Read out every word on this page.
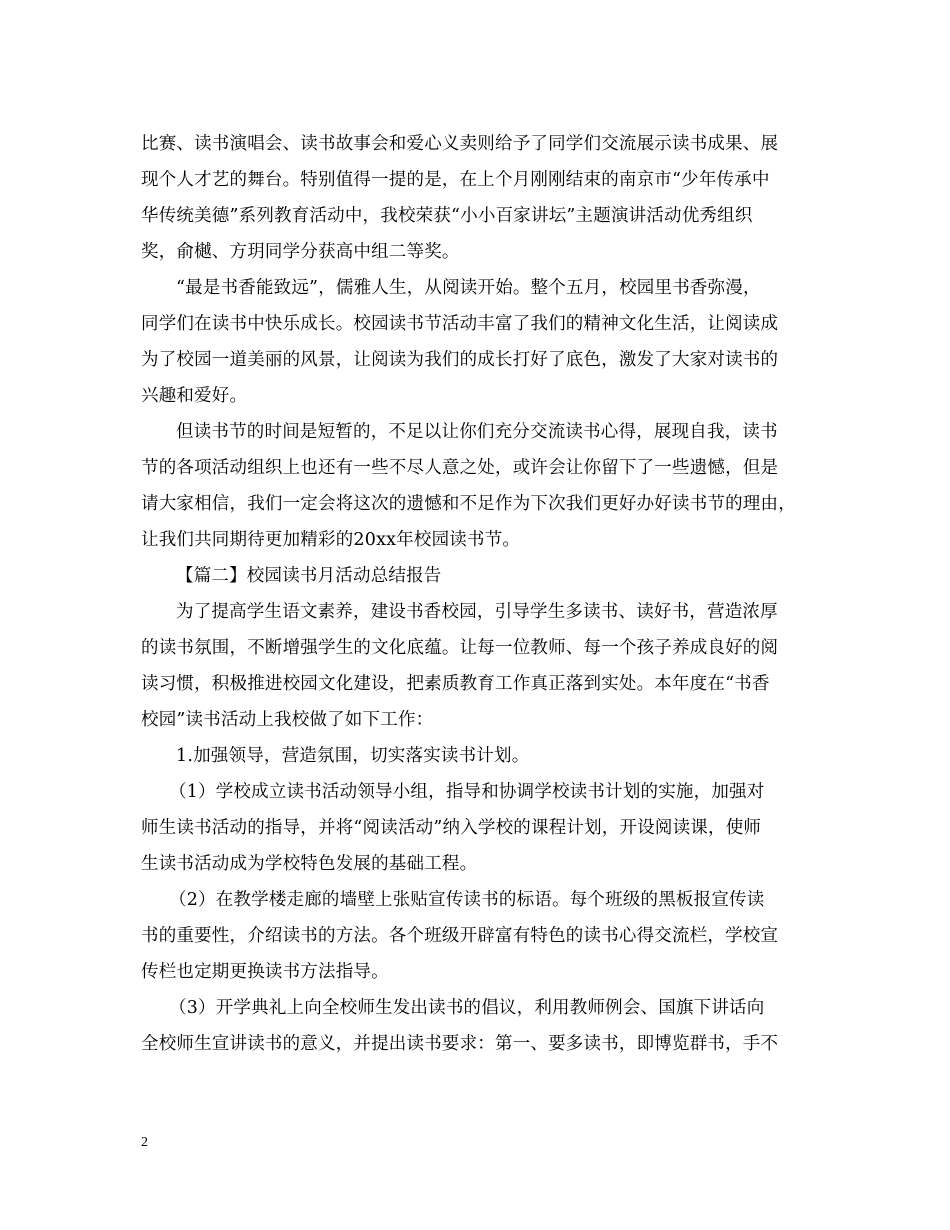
比赛、读书演唱会、读书故事会和爱心义卖则给予了同学们交流展示读书成果、展
现个人才艺的舞台。特别值得一提的是，在上个月刚刚结束的南京市“少年传承中
华传统美德”系列教育活动中，我校荣获“小小百家讲坛”主题演讲活动优秀组织
奖，俞樾、方玥同学分获高中组二等奖。
“最是书香能致远”，儒雅人生，从阅读开始。整个五月，校园里书香弥漫，
同学们在读书中快乐成长。校园读书节活动丰富了我们的精神文化生活，让阅读成
为了校园一道美丽的风景，让阅读为我们的成长打好了底色，激发了大家对读书的
兴趣和爱好。
但读书节的时间是短暂的，不足以让你们充分交流读书心得，展现自我，读书
节的各项活动组织上也还有一些不尽人意之处，或许会让你留下了一些遗憾，但是
请大家相信，我们一定会将这次的遗憾和不足作为下次我们更好办好读书节的理由，
让我们共同期待更加精彩的20xx年校园读书节。
【篇二】校园读书月活动总结报告
为了提高学生语文素养，建设书香校园，引导学生多读书、读好书，营造浓厚
的读书氛围，不断增强学生的文化底蕴。让每一位教师、每一个孩子养成良好的阅
读习惯，积极推进校园文化建设，把素质教育工作真正落到实处。本年度在“书香
校园”读书活动上我校做了如下工作：
1.加强领导，营造氛围，切实落实读书计划。
（1）学校成立读书活动领导小组，指导和协调学校读书计划的实施，加强对
师生读书活动的指导，并将“阅读活动”纳入学校的课程计划，开设阅读课，使师
生读书活动成为学校特色发展的基础工程。
（2）在教学楼走廊的墙壁上张贴宣传读书的标语。每个班级的黑板报宣传读
书的重要性，介绍读书的方法。各个班级开辟富有特色的读书心得交流栏，学校宣
传栏也定期更换读书方法指导。
（3）开学典礼上向全校师生发出读书的倡议，利用教师例会、国旗下讲话向
全校师生宣讲读书的意义，并提出读书要求：第一、要多读书，即博览群书，手不
2
